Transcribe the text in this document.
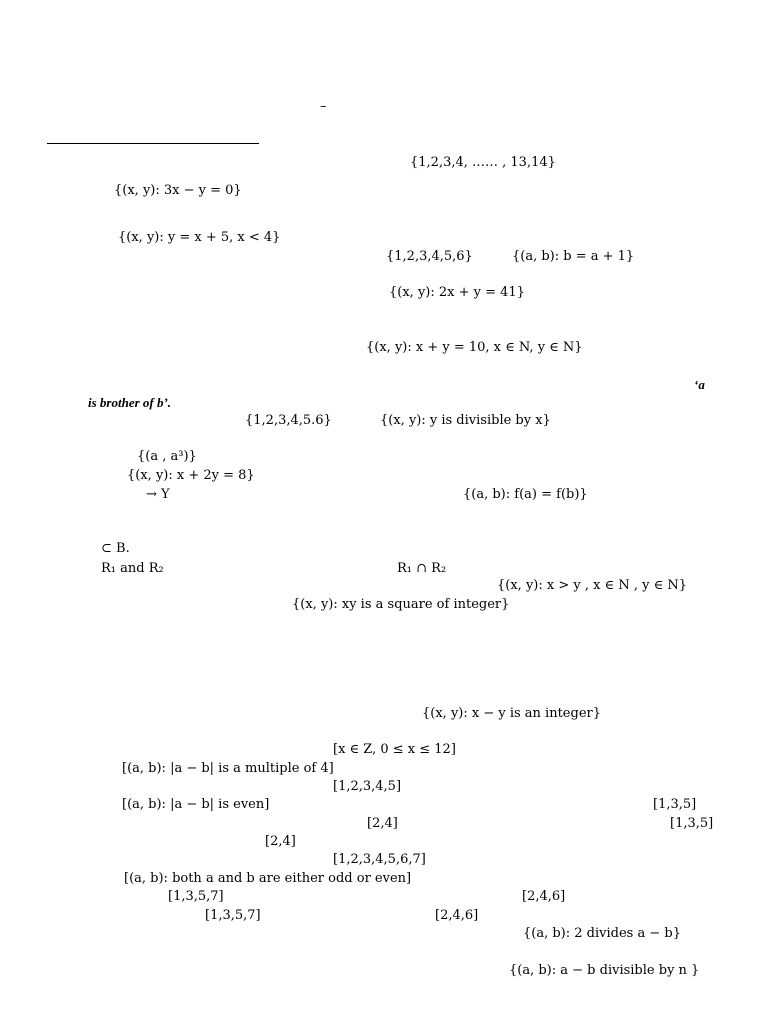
–
{1,2,3,4, …… , 13,14}
{(x, y): 3x − y = 0}
{(x, y): y = x + 5, x < 4}
{1,2,3,4,5,6}	{(a, b): b = a + 1}
{(x, y): 2x + y = 41}
{(x, y): x + y = 10, x ∈ N, y ∈ N}
‘a
is brother of b’.
{1,2,3,4,5.6}	{(x, y): y is divisible by x}
{(a , a³)}
{(x, y): x + 2y = 8}
→ Y	{(a, b): f(a) = f(b)}
⊂ B.
R₁ and R₂	R₁ ∩ R₂
{(x, y): x > y , x ∈ N , y ∈ N}
{(x, y): xy is a square of integer}
{(x, y): x − y is an integer}
[x ∈ Z, 0 ≤ x ≤ 12]
[(a, b): |a − b| is a multiple of 4]
[1,2,3,4,5]
[(a, b): |a − b| is even]	[1,3,5]
[2,4]	[1,3,5]
[2,4]
[1,2,3,4,5,6,7]
[(a, b): both a and b are either odd or even]
[1,3,5,7]	[2,4,6]
[1,3,5,7]	[2,4,6]
{(a, b): 2 divides a − b}
{(a, b): a − b divisible by n }
